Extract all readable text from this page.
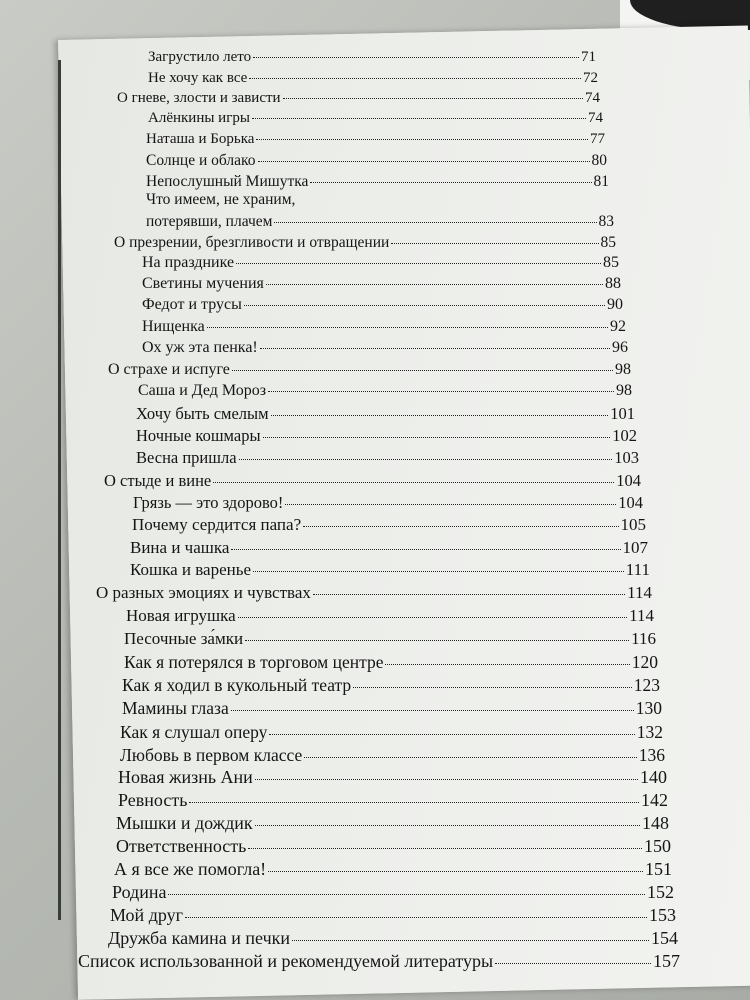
Загрустило лето	71
Не хочу как все	72
О гневе, злости и зависти	74
Алёнкины игры	74
Наташа и Борька	77
Солнце и облако	80
Непослушный Мишутка	81
Что имеем, не храним,
потерявши, плачем	83
О презрении, брезгливости и отвращении	85
На празднике	85
Светины мучения	88
Федот и трусы	90
Нищенка	92
Ох уж эта пенка!	96
О страхе и испуге	98
Саша и Дед Мороз	98
Хочу быть смелым	101
Ночные кошмары	102
Весна пришла	103
О стыде и вине	104
Грязь — это здорово!	104
Почему сердится папа?	105
Вина и чашка	107
Кошка и варенье	111
О разных эмоциях и чувствах	114
Новая игрушка	114
Песочные за́мки	116
Как я потерялся в торговом центре	120
Как я ходил в кукольный театр	123
Мамины глаза	130
Как я слушал оперу	132
Любовь в первом классе	136
Новая жизнь Ани	140
Ревность	142
Мышки и дождик	148
Ответственность	150
А я все же помогла!	151
Родина	152
Мой друг	153
Дружба камина и печки	154
Список использованной и рекомендуемой литературы	157
